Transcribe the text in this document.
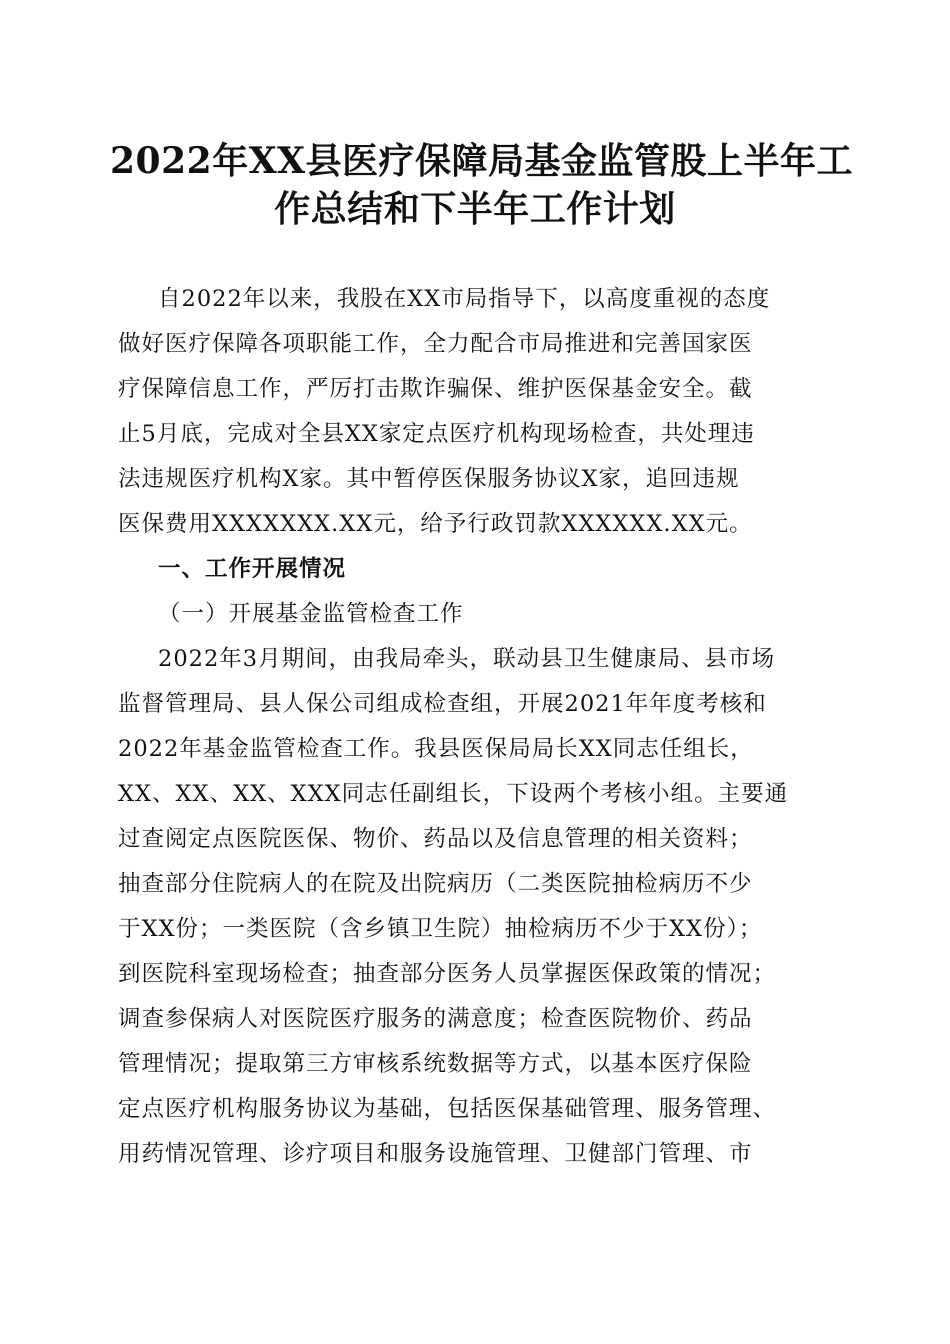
2022年XX县医疗保障局基金监管股上半年工
作总结和下半年工作计划
自2022年以来，我股在XX市局指导下，以高度重视的态度
做好医疗保障各项职能工作，全力配合市局推进和完善国家医
疗保障信息工作，严厉打击欺诈骗保、维护医保基金安全。截
止5月底，完成对全县XX家定点医疗机构现场检查，共处理违
法违规医疗机构X家。其中暂停医保服务协议X家，追回违规
医保费用XXXXXXX.XX元，给予行政罚款XXXXXX.XX元。
一、工作开展情况
（一）开展基金监管检查工作
2022年3月期间，由我局牵头，联动县卫生健康局、县市场
监督管理局、县人保公司组成检查组，开展2021年年度考核和
2022年基金监管检查工作。我县医保局局长XX同志任组长，
XX、XX、XX、XXX同志任副组长，下设两个考核小组。主要通
过查阅定点医院医保、物价、药品以及信息管理的相关资料；
抽查部分住院病人的在院及出院病历（二类医院抽检病历不少
于XX份；一类医院（含乡镇卫生院）抽检病历不少于XX份）；
到医院科室现场检查；抽查部分医务人员掌握医保政策的情况；
调查参保病人对医院医疗服务的满意度；检查医院物价、药品
管理情况；提取第三方审核系统数据等方式，以基本医疗保险
定点医疗机构服务协议为基础，包括医保基础管理、服务管理、
用药情况管理、诊疗项目和服务设施管理、卫健部门管理、市
